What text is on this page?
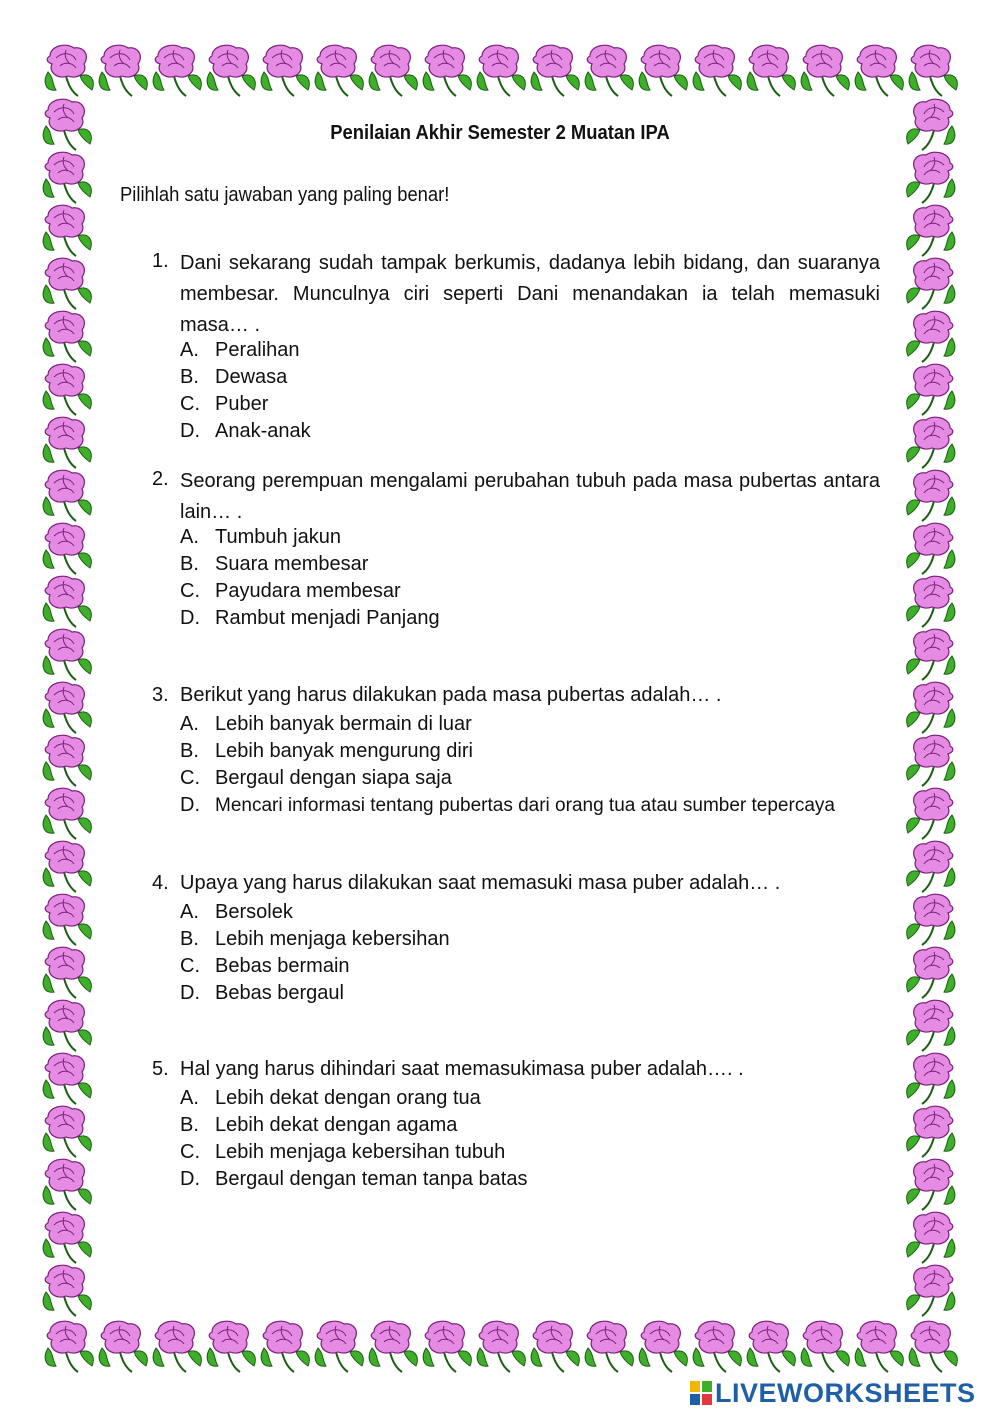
Penilaian Akhir Semester 2 Muatan IPA
Pilihlah satu jawaban yang paling benar!
1. Dani sekarang sudah tampak berkumis, dadanya lebih bidang, dan suaranya membesar. Munculnya ciri seperti Dani menandakan ia telah memasuki masa… .
A. Peralihan
B. Dewasa
C. Puber
D. Anak-anak
2. Seorang perempuan mengalami perubahan tubuh pada masa pubertas antara lain… .
A. Tumbuh jakun
B. Suara membesar
C. Payudara membesar
D. Rambut menjadi Panjang
3. Berikut yang harus dilakukan pada masa pubertas adalah… .
A. Lebih banyak bermain di luar
B. Lebih banyak mengurung diri
C. Bergaul dengan siapa saja
D. Mencari informasi tentang pubertas dari orang tua atau sumber tepercaya
4. Upaya yang harus dilakukan saat memasuki masa puber adalah… .
A. Bersolek
B. Lebih menjaga kebersihan
C. Bebas bermain
D. Bebas bergaul
5. Hal yang harus dihindari saat memasukimasa puber adalah…. .
A. Lebih dekat dengan orang tua
B. Lebih dekat dengan agama
C. Lebih menjaga kebersihan tubuh
D. Bergaul dengan teman tanpa batas
LIVEWORKSHEETS
